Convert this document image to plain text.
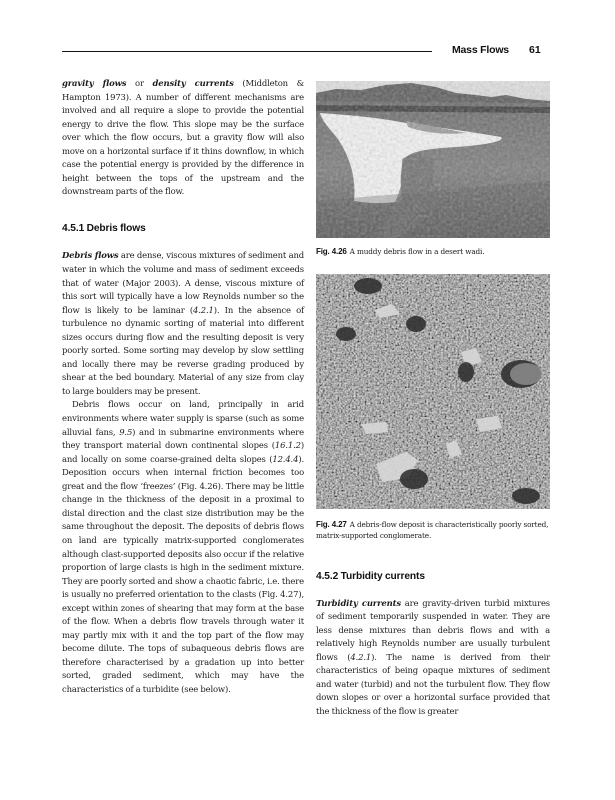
Mass Flows 61

gravity flows or density currents (Middleton & Hampton 1973). A number of different mechanisms are involved and all require a slope to provide the potential energy to drive the flow. This slope may be the surface over which the flow occurs, but a gravity flow will also move on a horizontal surface if it thins downflow, in which case the potential energy is provided by the difference in height between the tops of the upstream and the downstream parts of the flow.

4.5.1 Debris flows

Debris flows are dense, viscous mixtures of sediment and water in which the volume and mass of sediment exceeds that of water (Major 2003). A dense, viscous mixture of this sort will typically have a low Reynolds number so the flow is likely to be laminar (4.2.1). In the absence of turbulence no dynamic sorting of material into different sizes occurs during flow and the resulting deposit is very poorly sorted. Some sorting may develop by slow settling and locally there may be reverse grading produced by shear at the bed boundary. Material of any size from clay to large boulders may be present.

Debris flows occur on land, principally in arid environments where water supply is sparse (such as some alluvial fans, 9.5) and in submarine environments where they transport material down continental slopes (16.1.2) and locally on some coarse-grained delta slopes (12.4.4). Deposition occurs when internal friction becomes too great and the flow ‘freezes’ (Fig. 4.26). There may be little change in the thickness of the deposit in a proximal to distal direction and the clast size distribution may be the same throughout the deposit. The deposits of debris flows on land are typically matrix-supported conglomerates although clast-supported deposits also occur if the relative proportion of large clasts is high in the sediment mixture. They are poorly sorted and show a chaotic fabric, i.e. there is usually no preferred orientation to the clasts (Fig. 4.27), except within zones of shearing that may form at the base of the flow. When a debris flow travels through water it may partly mix with it and the top part of the flow may become dilute. The tops of subaqueous debris flows are therefore characterised by a gradation up into better sorted, graded sediment, which may have the characteristics of a turbidite (see below).

Fig. 4.26 A muddy debris flow in a desert wadi.
Fig. 4.27 A debris-flow deposit is characteristically poorly sorted, matrix-supported conglomerate.
4.5.2 Turbidity currents

Turbidity currents are gravity-driven turbid mixtures of sediment temporarily suspended in water. They are less dense mixtures than debris flows and with a relatively high Reynolds number are usually turbulent flows (4.2.1). The name is derived from their characteristics of being opaque mixtures of sediment and water (turbid) and not the turbulent flow. They flow down slopes or over a horizontal surface provided that the thickness of the flow is greater
